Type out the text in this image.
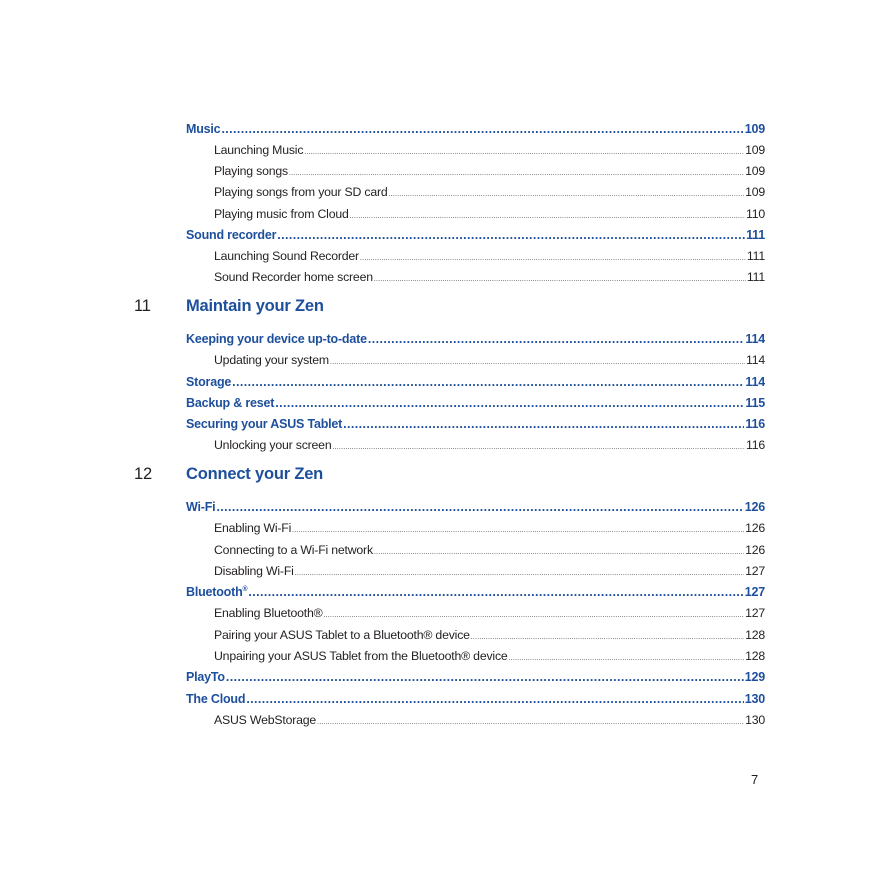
Music .....	109
Launching Music .....	109
Playing songs .....	109
Playing songs from your SD card .....	109
Playing music from Cloud .....	110
Sound recorder .....	111
Launching Sound Recorder .....	111
Sound Recorder home screen .....	111
11 Maintain your Zen
Keeping your device up-to-date .....	114
Updating your system .....	114
Storage .....	114
Backup & reset .....	115
Securing your ASUS Tablet .....	116
Unlocking your screen .....	116
12 Connect your Zen
Wi-Fi .....	126
Enabling Wi-Fi .....	126
Connecting to a Wi-Fi network .....	126
Disabling Wi-Fi .....	127
Bluetooth® .....	127
Enabling Bluetooth® .....	127
Pairing your ASUS Tablet to a Bluetooth® device .....	128
Unpairing your ASUS Tablet from the Bluetooth® device .....	128
PlayTo .....	129
The Cloud .....	130
ASUS WebStorage .....	130
7
